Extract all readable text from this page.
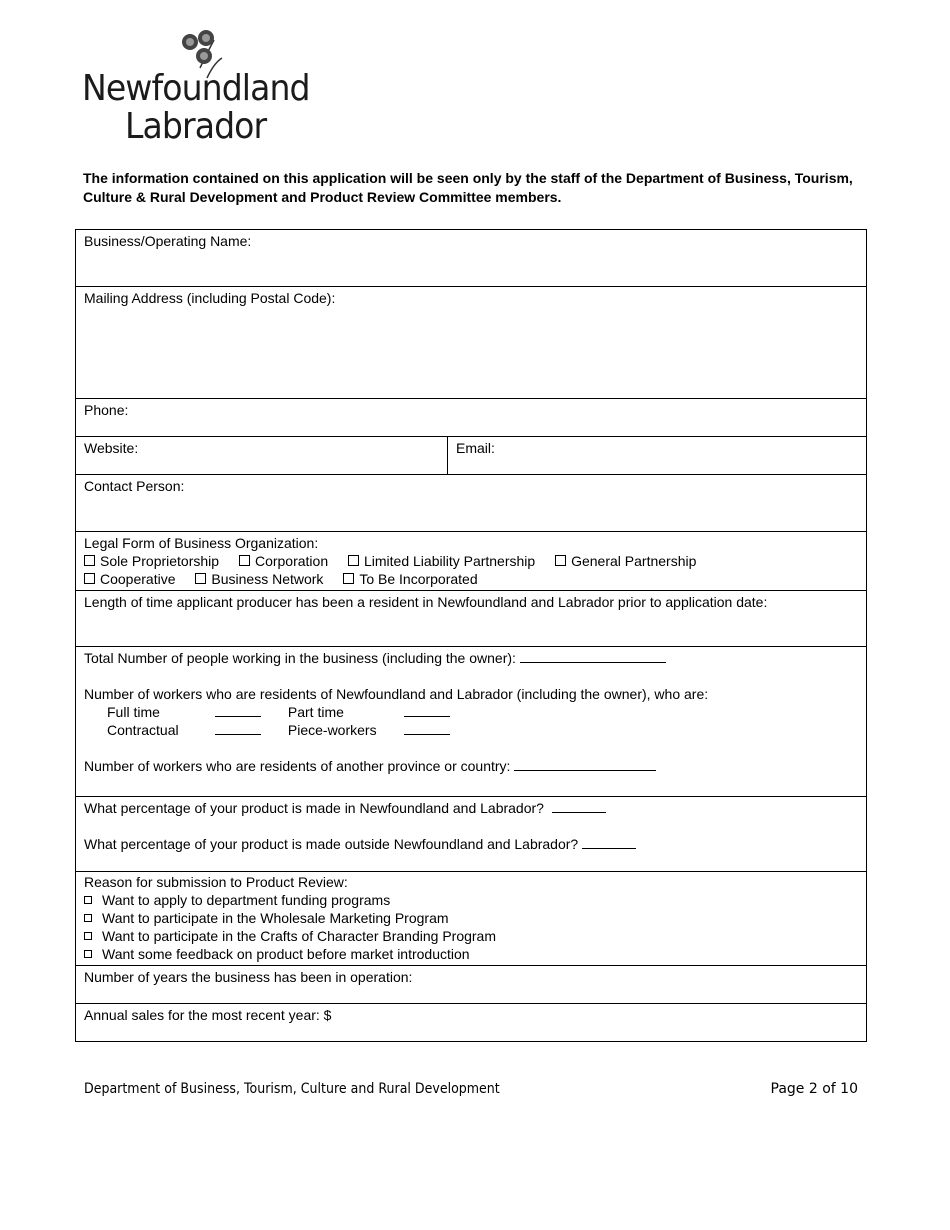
Newfoundland
Labrador
The information contained on this application will be seen only by the staff of the Department of Business, Tourism, Culture & Rural Development and Product Review Committee members.
Business/Operating Name:
Mailing Address (including Postal Code):
Phone:
Website:	Email:
Contact Person:

Legal Form of Business Organization:
Sole Proprietorship	Corporation	Limited Liability Partnership	General Partnership
Cooperative	Business Network	To Be Incorporated

Length of time applicant producer has been a resident in Newfoundland and Labrador prior to application date:

Total Number of people working in the business (including the owner):
Number of workers who are residents of Newfoundland and Labrador (including the owner), who are:
Full time	Part time
Contractual	Piece-workers
Number of workers who are residents of another province or country:

What percentage of your product is made in Newfoundland and Labrador?
What percentage of your product is made outside Newfoundland and Labrador?

Reason for submission to Product Review:
Want to apply to department funding programs
Want to participate in the Wholesale Marketing Program
Want to participate in the Crafts of Character Branding Program
Want some feedback on product before market introduction

Number of years the business has been in operation:
Annual sales for the most recent year: $
Department of Business, Tourism, Culture and Rural Development	Page 2 of 10
